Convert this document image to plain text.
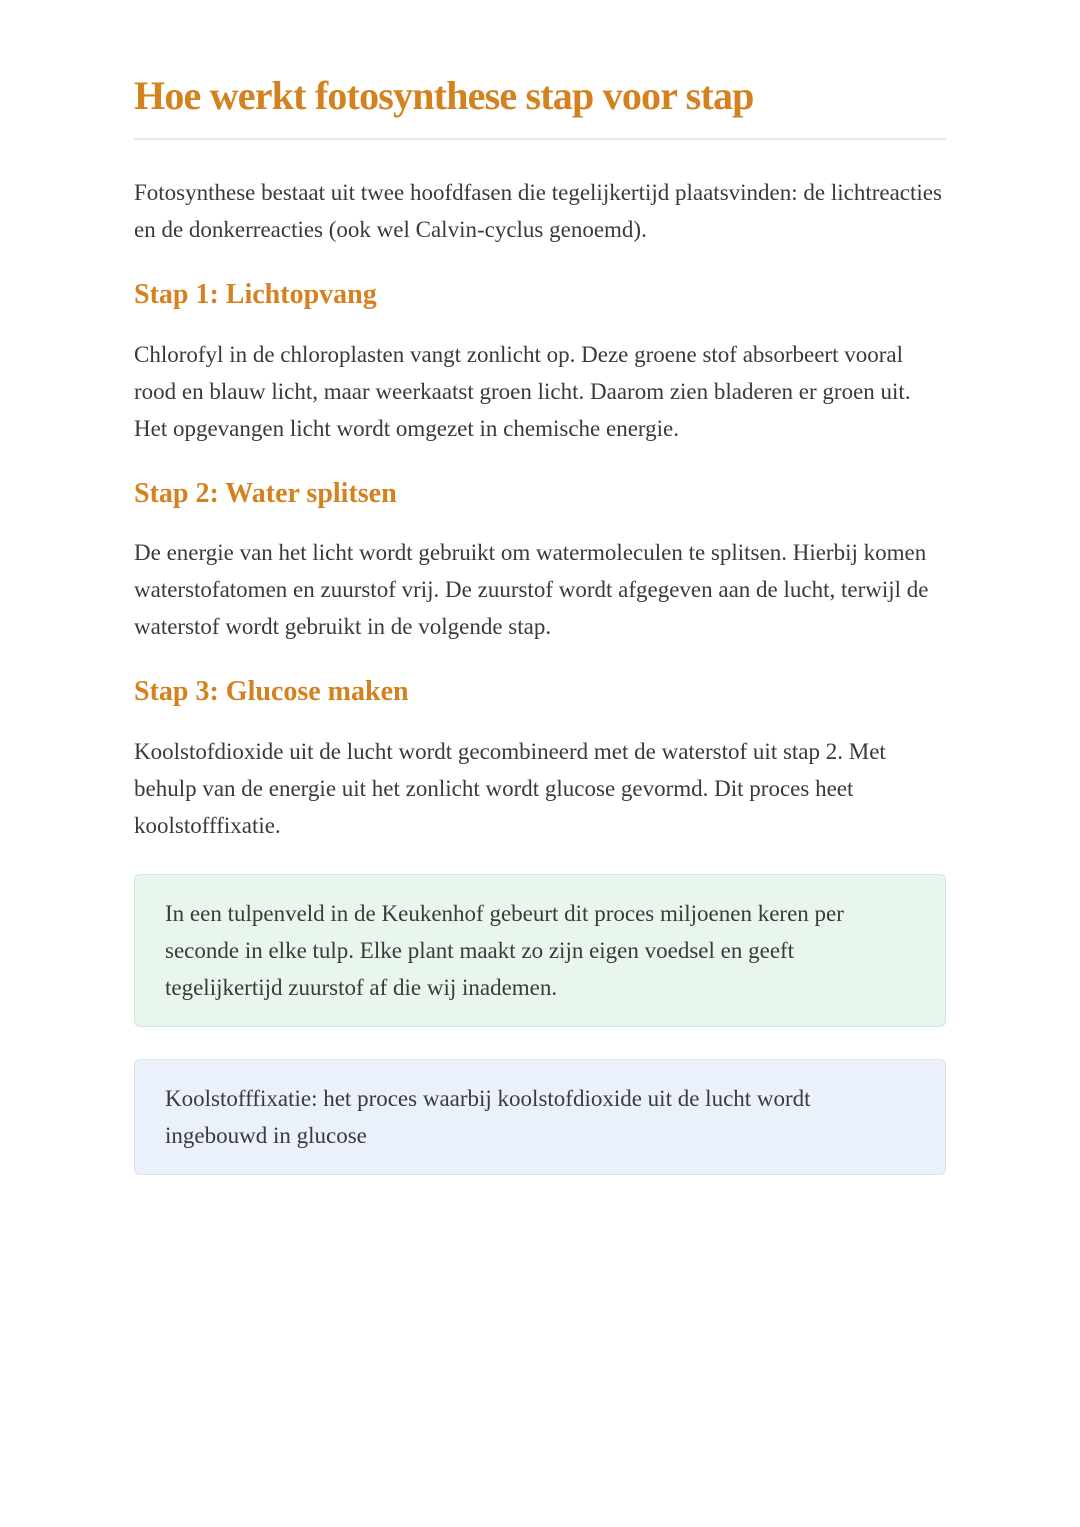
Hoe werkt fotosynthese stap voor stap

Fotosynthese bestaat uit twee hoofdfasen die tegelijkertijd plaatsvinden: de lichtreacties en de donkerreacties (ook wel Calvin-cyclus genoemd).

Stap 1: Lichtopvang

Chlorofyl in de chloroplasten vangt zonlicht op. Deze groene stof absorbeert vooral rood en blauw licht, maar weerkaatst groen licht. Daarom zien bladeren er groen uit. Het opgevangen licht wordt omgezet in chemische energie.

Stap 2: Water splitsen

De energie van het licht wordt gebruikt om watermoleculen te splitsen. Hierbij komen waterstofatomen en zuurstof vrij. De zuurstof wordt afgegeven aan de lucht, terwijl de waterstof wordt gebruikt in de volgende stap.

Stap 3: Glucose maken

Koolstofdioxide uit de lucht wordt gecombineerd met de waterstof uit stap 2. Met behulp van de energie uit het zonlicht wordt glucose gevormd. Dit proces heet koolstofffixatie.

In een tulpenveld in de Keukenhof gebeurt dit proces miljoenen keren per seconde in elke tulp. Elke plant maakt zo zijn eigen voedsel en geeft tegelijkertijd zuurstof af die wij inademen.

Koolstofffixatie: het proces waarbij koolstofdioxide uit de lucht wordt ingebouwd in glucose
